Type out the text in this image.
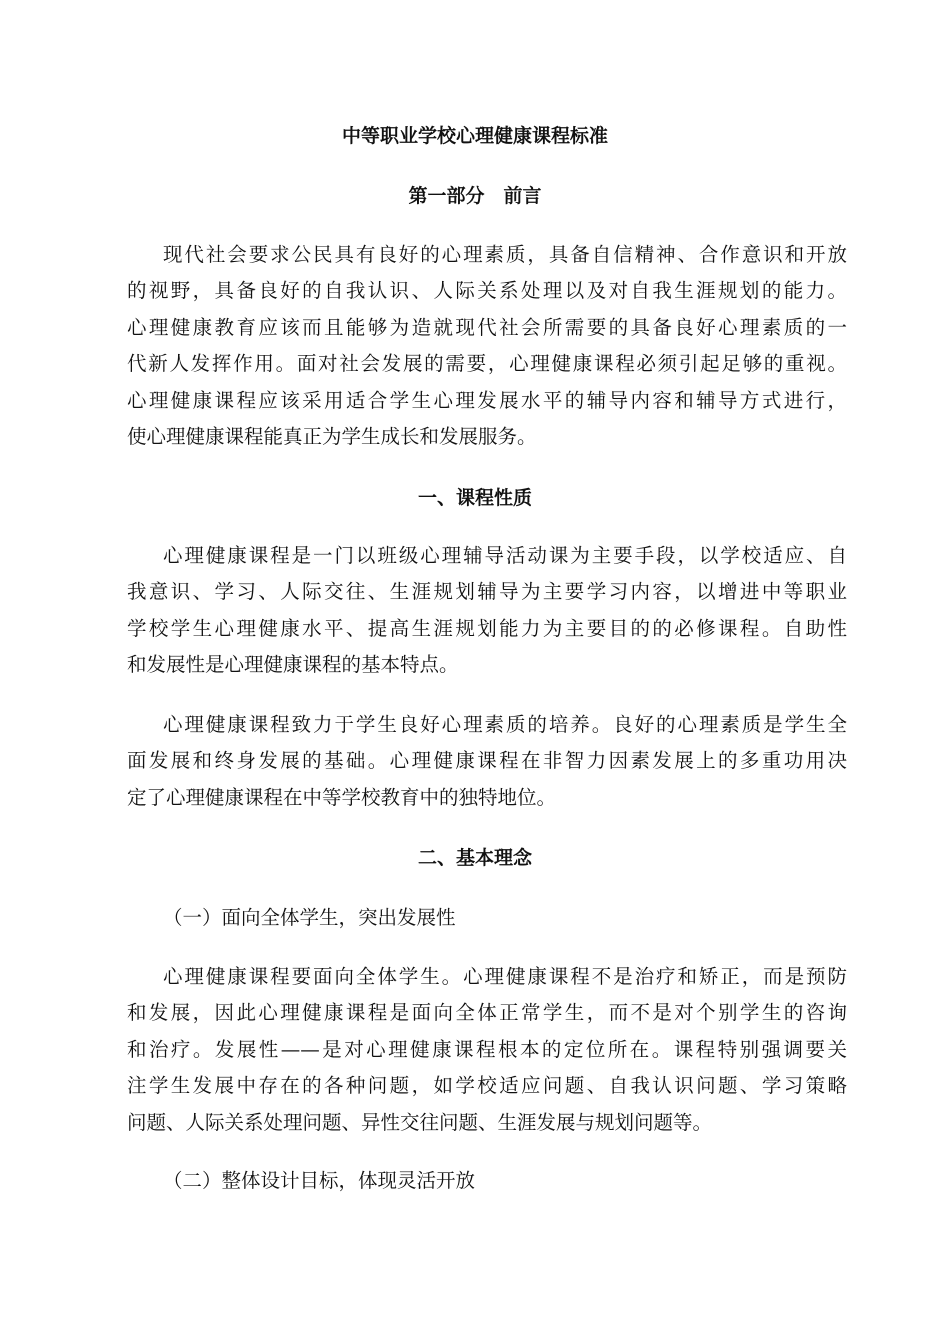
中等职业学校心理健康课程标准
第一部分　前言
现代社会要求公民具有良好的心理素质，具备自信精神、合作意识和开放
的视野，具备良好的自我认识、人际关系处理以及对自我生涯规划的能力。
心理健康教育应该而且能够为造就现代社会所需要的具备良好心理素质的一
代新人发挥作用。面对社会发展的需要，心理健康课程必须引起足够的重视。
心理健康课程应该采用适合学生心理发展水平的辅导内容和辅导方式进行，
使心理健康课程能真正为学生成长和发展服务。
一、课程性质
心理健康课程是一门以班级心理辅导活动课为主要手段，以学校适应、自
我意识、学习、人际交往、生涯规划辅导为主要学习内容，以增进中等职业
学校学生心理健康水平、提高生涯规划能力为主要目的的必修课程。自助性
和发展性是心理健康课程的基本特点。
心理健康课程致力于学生良好心理素质的培养。良好的心理素质是学生全
面发展和终身发展的基础。心理健康课程在非智力因素发展上的多重功用决
定了心理健康课程在中等学校教育中的独特地位。
二、基本理念

（一）面向全体学生，突出发展性

心理健康课程要面向全体学生。心理健康课程不是治疗和矫正，而是预防
和发展，因此心理健康课程是面向全体正常学生，而不是对个别学生的咨询
和治疗。发展性——是对心理健康课程根本的定位所在。课程特别强调要关
注学生发展中存在的各种问题，如学校适应问题、自我认识问题、学习策略
问题、人际关系处理问题、异性交往问题、生涯发展与规划问题等。

（二）整体设计目标，体现灵活开放
